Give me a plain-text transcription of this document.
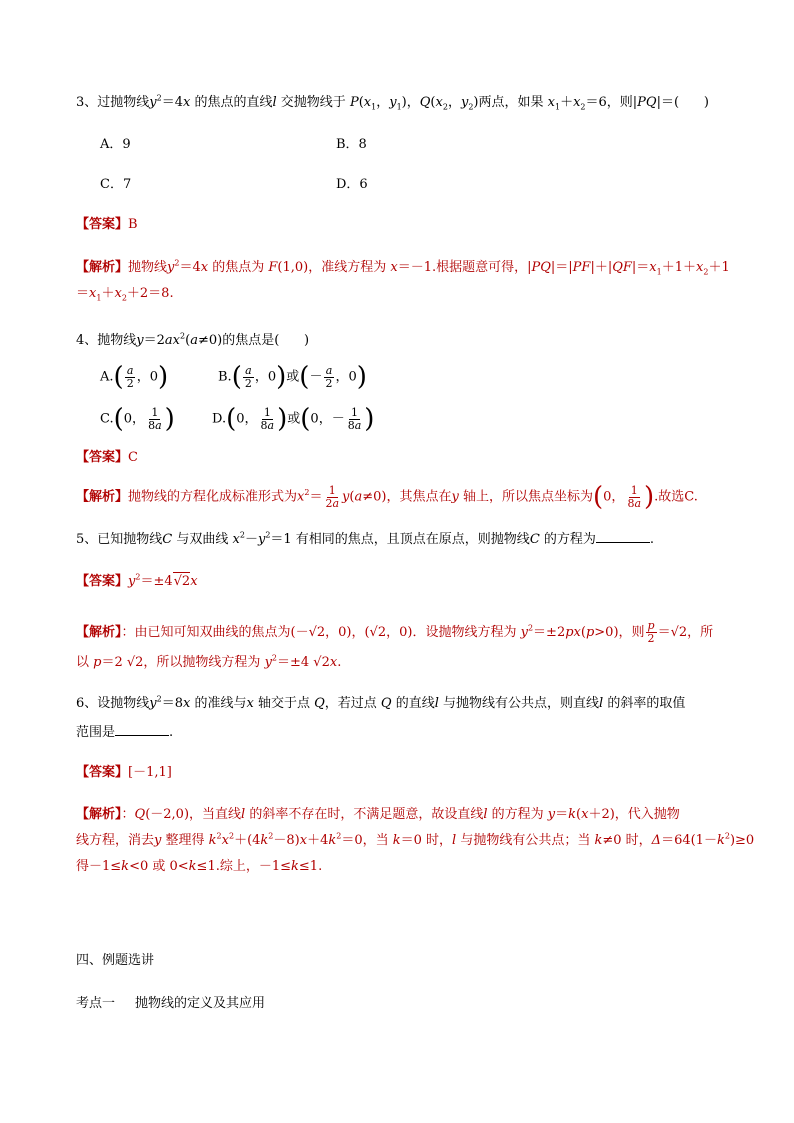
3、过抛物线$y^2=4x$ 的焦点的直线l 交抛物线于 $P(x_1$，$y_1$)，$Q(x_2$，$y_2$)两点，如果 $x_1+x_2=6$，则|PQ|＝(      )
A．9	B．8
C．7	D．6
【答案】B
【解析】抛物线$y^2=4x$ 的焦点为 F(1,0)，准线方程为 x＝－1.根据题意可得，$|PQ|=|PF|+|QF|=x_1+1+x_2+1$
$=x_1+x_2+2=8$.
4、抛物线$y=2ax^2(a\ne 0)$的焦点是(      )
$A.( \frac{a}{2}$ ，0)	$B.( \frac{a}{2}$ ，0)或(－ $\frac{a}{2}$ ，0)
C.(0， $\frac{1}{8a}$ )	D.(0， $\frac{1}{8a}$ )或(0，－ $\frac{1}{8a}$ )
【答案】C
【解析】抛物线的方程化成标准形式为$x^2= \frac{1}{2a} y(a\ne 0)$，其焦点在y 轴上，所以焦点坐标为(0， $\frac{1}{8a}$ ).故选C.
5、已知抛物线C 与双曲线 $x^2-y^2=1$ 有相同的焦点，且顶点在原点，则抛物线C 的方程为	.
【答案】$y^2=\pm 4√2x$
【解析】：由已知可知双曲线的焦点为(－√2，0)，(√2，0)．设抛物线方程为 $y^2=\pm 2px(p>0)$，则 $\frac{p}{2} =√2$，所
以 p＝2 √2，所以抛物线方程为 $y^2=\pm 4$ √2x.
6、设抛物线$y^2=8x$ 的准线与x 轴交于点 Q，若过点 Q 的直线l 与抛物线有公共点，则直线l 的斜率的取值
范围是	.
【答案】[－1,1]
【解析】：Q(－2,0)，当直线l 的斜率不存在时，不满足题意，故设直线l 的方程为 y＝k(x＋2)，代入抛物
线方程，消去y 整理得 $k^2x^2+(4k^2-8)x+4k^2=0$，当 k＝0 时，l 与抛物线有公共点；当 k≠0 时，$\Delta=64(1-k^2)\ge 0$
得－1≤k<0 或 0<k≤1.综上，－1≤k≤1.
四、例题选讲
考点一 抛物线的定义及其应用
